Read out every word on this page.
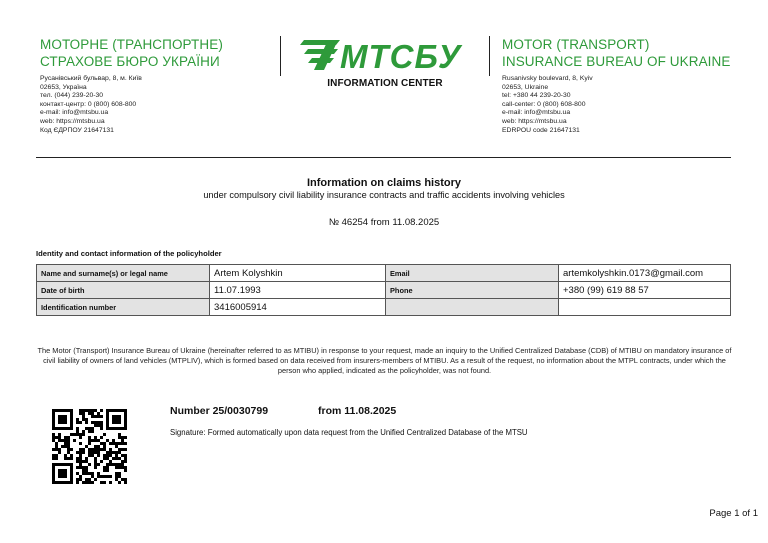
МОТОРНЕ (ТРАНСПОРТНЕ)
СТРАХОВЕ БЮРО УКРАЇНИ
Русанівський бульвар, 8, м. Київ
02653, Україна
тел. (044) 239-20-30
контакт-центр: 0 (800) 608-800
e-mail: info@mtsbu.ua
web: https://mtsbu.ua
Код ЄДРПОУ 21647131
МТСБУ
INFORMATION CENTER
MOTOR (TRANSPORT)
INSURANCE BUREAU OF UKRAINE
Rusanivsky boulevard, 8, Kyiv
02653, Ukraine
tel: +380 44 239-20-30
call-center: 0 (800) 608-800
e-mail: info@mtsbu.ua
web: https://mtsbu.ua
EDRPOU code 21647131
Information on claims history
under compulsory civil liability insurance contracts and traffic accidents involving vehicles
№ 46254 from 11.08.2025
Identity and contact information of the policyholder
Name and surname(s) or legal name	Artem Kolyshkin	Email	artemkolyshkin.0173@gmail.com
Date of birth	11.07.1993	Phone	+380 (99) 619 88 57
Identification number	3416005914		
The Motor (Transport) Insurance Bureau of Ukraine (hereinafter referred to as MTIBU) in response to your request, made an inquiry to the Unified Centralized Database (CDB) of MTIBU on mandatory insurance of civil liability of owners of land vehicles (MTPLIV), which is formed based on data received from insurers-members of MTIBU. As a result of the request, no information about the MTPL contracts, under which the person who applied, indicated as the policyholder, was not found.
Number 25/0030799	from 11.08.2025
Signature: Formed automatically upon data request from the Unified Centralized Database of the MTSU
Page 1 of 1
